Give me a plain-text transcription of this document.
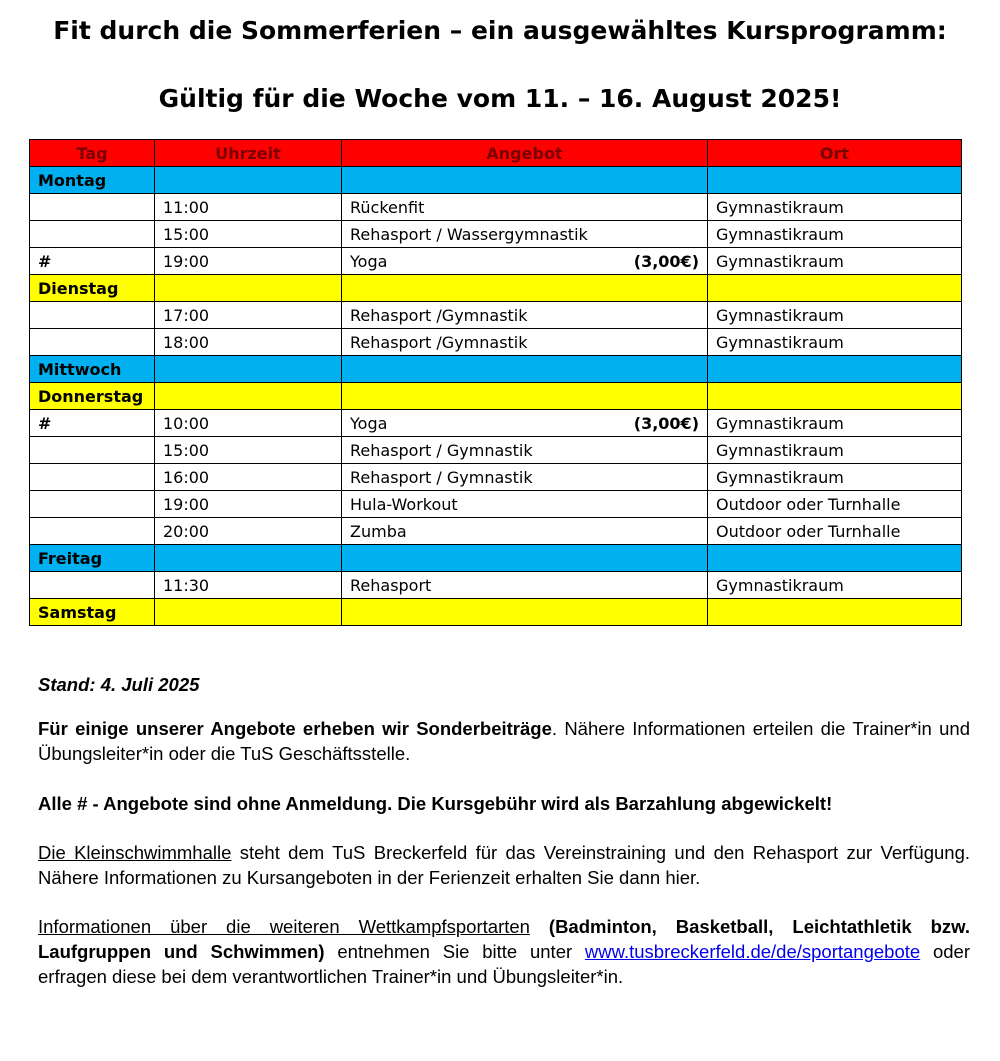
Fit durch die Sommerferien – ein ausgewähltes Kursprogramm:
Gültig für die Woche vom 11. – 16. August 2025!
Tag	Uhrzeit	Angebot	Ort
Montag			
	11:00	Rückenfit	Gymnastikraum
	15:00	Rehasport / Wassergymnastik	Gymnastikraum
#	19:00	Yoga (3,00€)	Gymnastikraum
Dienstag			
	17:00	Rehasport /Gymnastik	Gymnastikraum
	18:00	Rehasport /Gymnastik	Gymnastikraum
Mittwoch			
Donnerstag			
#	10:00	Yoga (3,00€)	Gymnastikraum
	15:00	Rehasport / Gymnastik	Gymnastikraum
	16:00	Rehasport / Gymnastik	Gymnastikraum
	19:00	Hula-Workout	Outdoor oder Turnhalle
	20:00	Zumba	Outdoor oder Turnhalle
Freitag			
	11:30	Rehasport	Gymnastikraum
Samstag			
Stand: 4. Juli 2025
Für einige unserer Angebote erheben wir Sonderbeiträge. Nähere Informationen erteilen die Trainer*in und Übungsleiter*in oder die TuS Geschäftsstelle.
Alle # - Angebote sind ohne Anmeldung. Die Kursgebühr wird als Barzahlung abgewickelt!
Die Kleinschwimmhalle steht dem TuS Breckerfeld für das Vereinstraining und den Rehasport zur Verfügung. Nähere Informationen zu Kursangeboten in der Ferienzeit erhalten Sie dann hier.
Informationen über die weiteren Wettkampfsportarten (Badminton, Basketball, Leichtathletik bzw. Laufgruppen und Schwimmen) entnehmen Sie bitte unter www.tusbreckerfeld.de/de/sportangebote oder erfragen diese bei dem verantwortlichen Trainer*in und Übungsleiter*in.
